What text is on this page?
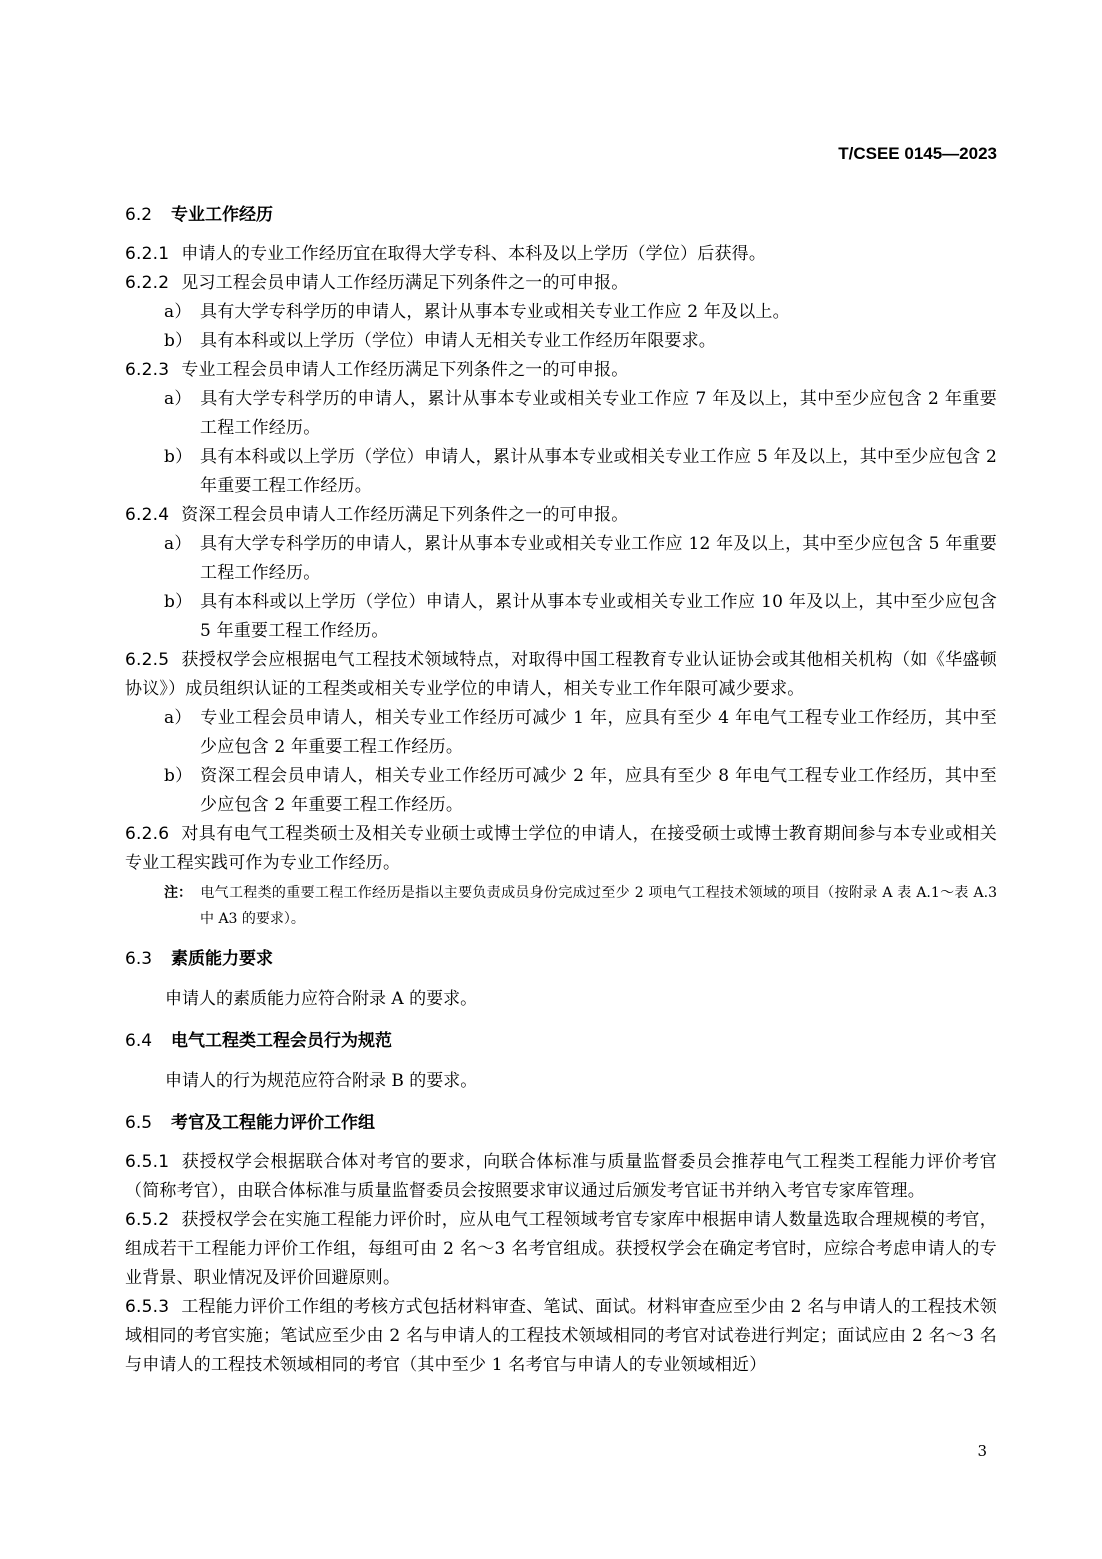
T/CSEE 0145—2023
6.2 专业工作经历
6.2.1 申请人的专业工作经历宜在取得大学专科、本科及以上学历（学位）后获得。
6.2.2 见习工程会员申请人工作经历满足下列条件之一的可申报。
a） 具有大学专科学历的申请人，累计从事本专业或相关专业工作应 2 年及以上。
b） 具有本科或以上学历（学位）申请人无相关专业工作经历年限要求。
6.2.3 专业工程会员申请人工作经历满足下列条件之一的可申报。
a） 具有大学专科学历的申请人，累计从事本专业或相关专业工作应 7 年及以上，其中至少应包含 2 年重要工程工作经历。
b） 具有本科或以上学历（学位）申请人，累计从事本专业或相关专业工作应 5 年及以上，其中至少应包含 2 年重要工程工作经历。
6.2.4 资深工程会员申请人工作经历满足下列条件之一的可申报。
a） 具有大学专科学历的申请人，累计从事本专业或相关专业工作应 12 年及以上，其中至少应包含 5 年重要工程工作经历。
b） 具有本科或以上学历（学位）申请人，累计从事本专业或相关专业工作应 10 年及以上，其中至少应包含 5 年重要工程工作经历。
6.2.5 获授权学会应根据电气工程技术领域特点，对取得中国工程教育专业认证协会或其他相关机构（如《华盛顿协议》）成员组织认证的工程类或相关专业学位的申请人，相关专业工作年限可减少要求。
a） 专业工程会员申请人，相关专业工作经历可减少 1 年，应具有至少 4 年电气工程专业工作经历，其中至少应包含 2 年重要工程工作经历。
b） 资深工程会员申请人，相关专业工作经历可减少 2 年，应具有至少 8 年电气工程专业工作经历，其中至少应包含 2 年重要工程工作经历。
6.2.6 对具有电气工程类硕士及相关专业硕士或博士学位的申请人，在接受硕士或博士教育期间参与本专业或相关专业工程实践可作为专业工作经历。
注： 电气工程类的重要工程工作经历是指以主要负责成员身份完成过至少 2 项电气工程技术领域的项目（按附录 A 表 A.1～表 A.3 中 A3 的要求）。
6.3 素质能力要求
申请人的素质能力应符合附录 A 的要求。
6.4 电气工程类工程会员行为规范
申请人的行为规范应符合附录 B 的要求。
6.5 考官及工程能力评价工作组
6.5.1 获授权学会根据联合体对考官的要求，向联合体标准与质量监督委员会推荐电气工程类工程能力评价考官（简称考官），由联合体标准与质量监督委员会按照要求审议通过后颁发考官证书并纳入考官专家库管理。
6.5.2 获授权学会在实施工程能力评价时，应从电气工程领域考官专家库中根据申请人数量选取合理规模的考官，组成若干工程能力评价工作组，每组可由 2 名～3 名考官组成。获授权学会在确定考官时，应综合考虑申请人的专业背景、职业情况及评价回避原则。
6.5.3 工程能力评价工作组的考核方式包括材料审查、笔试、面试。材料审查应至少由 2 名与申请人的工程技术领域相同的考官实施；笔试应至少由 2 名与申请人的工程技术领域相同的考官对试卷进行判定；面试应由 2 名～3 名与申请人的工程技术领域相同的考官（其中至少 1 名考官与申请人的专业领域相近）
3
